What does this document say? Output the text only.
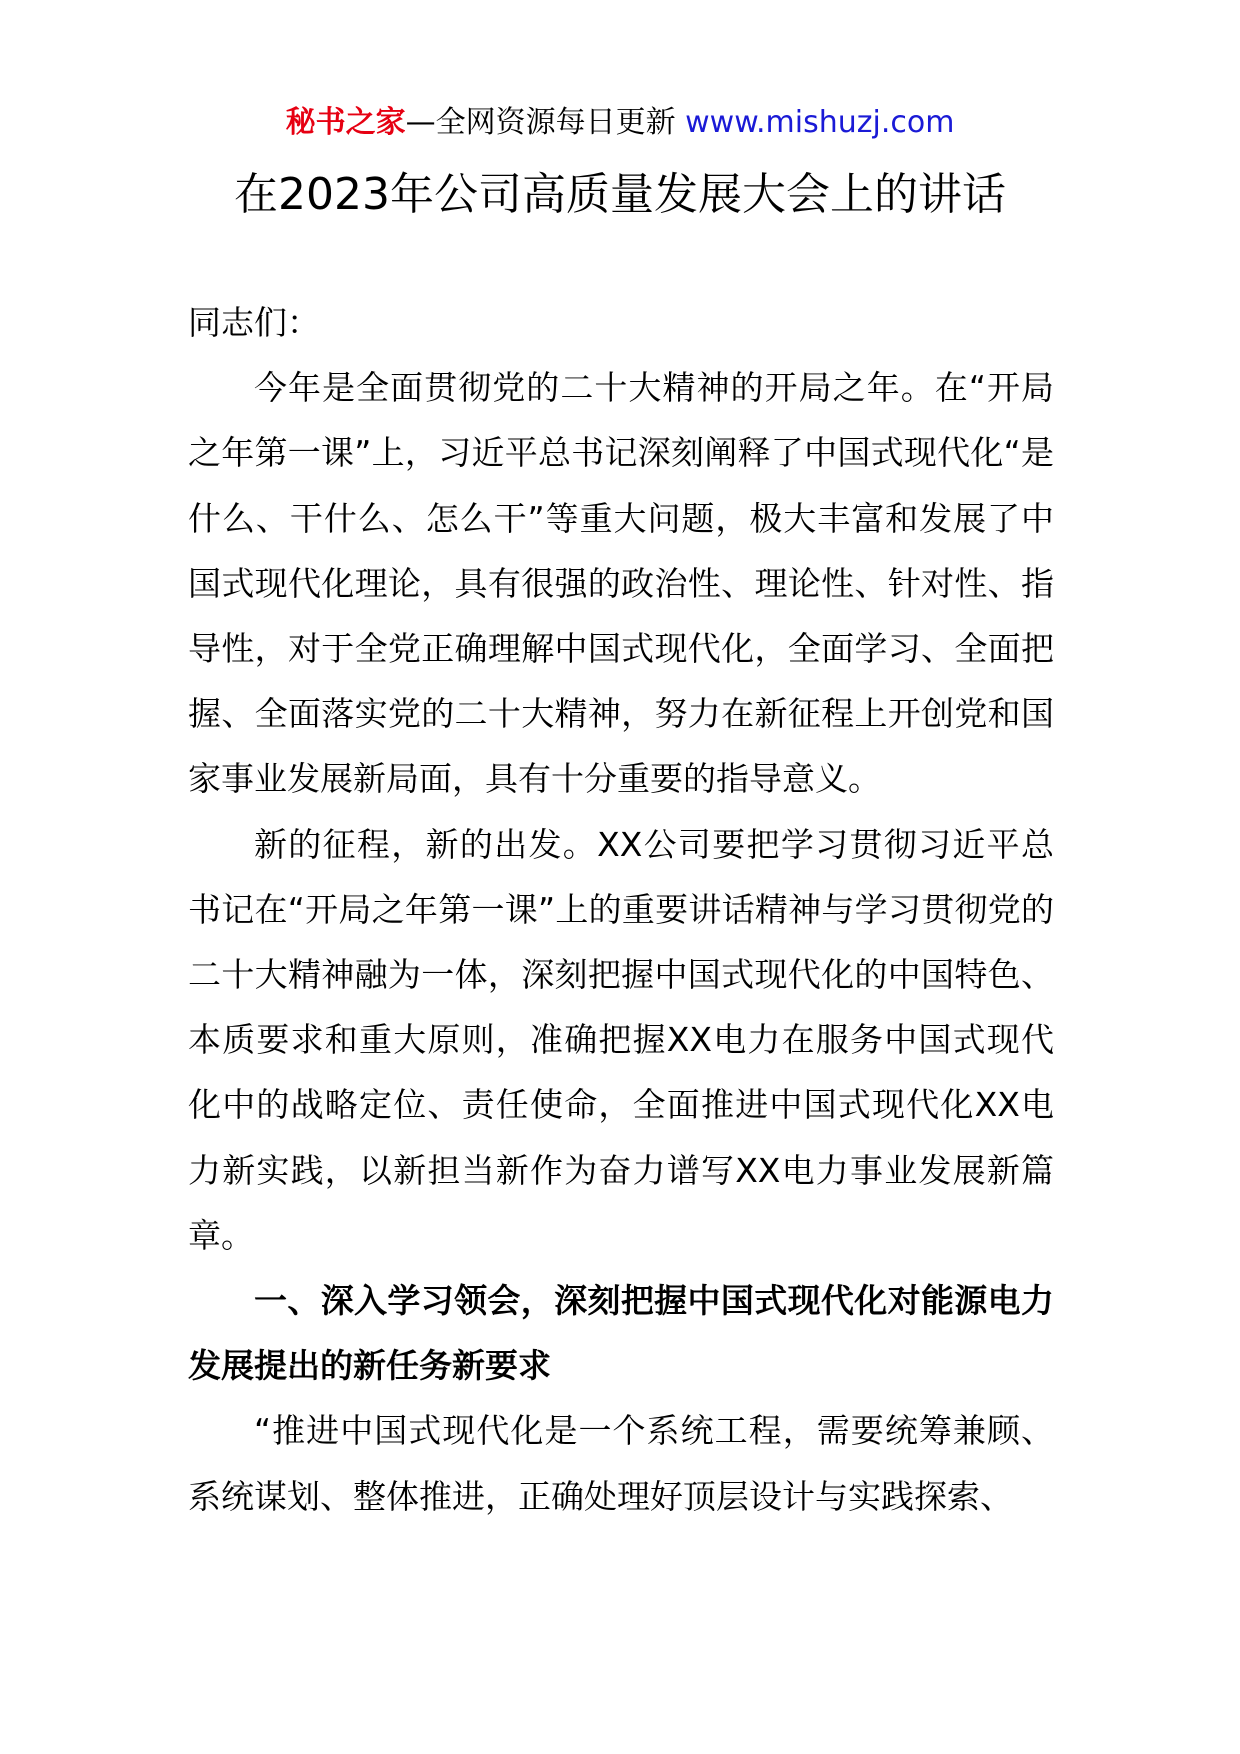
秘书之家—全网资源每日更新 www.mishuzj.com
在2023年公司高质量发展大会上的讲话

同志们：

今年是全面贯彻党的二十大精神的开局之年。在“开局之年第一课”上，习近平总书记深刻阐释了中国式现代化“是什么、干什么、怎么干”等重大问题，极大丰富和发展了中国式现代化理论，具有很强的政治性、理论性、针对性、指导性，对于全党正确理解中国式现代化，全面学习、全面把握、全面落实党的二十大精神，努力在新征程上开创党和国家事业发展新局面，具有十分重要的指导意义。

新的征程，新的出发。XX公司要把学习贯彻习近平总书记在“开局之年第一课”上的重要讲话精神与学习贯彻党的二十大精神融为一体，深刻把握中国式现代化的中国特色、本质要求和重大原则，准确把握XX电力在服务中国式现代化中的战略定位、责任使命，全面推进中国式现代化XX电力新实践，以新担当新作为奋力谱写XX电力事业发展新篇章。

一、深入学习领会，深刻把握中国式现代化对能源电力发展提出的新任务新要求

“推进中国式现代化是一个系统工程，需要统筹兼顾、系统谋划、整体推进，正确处理好顶层设计与实践探索、
